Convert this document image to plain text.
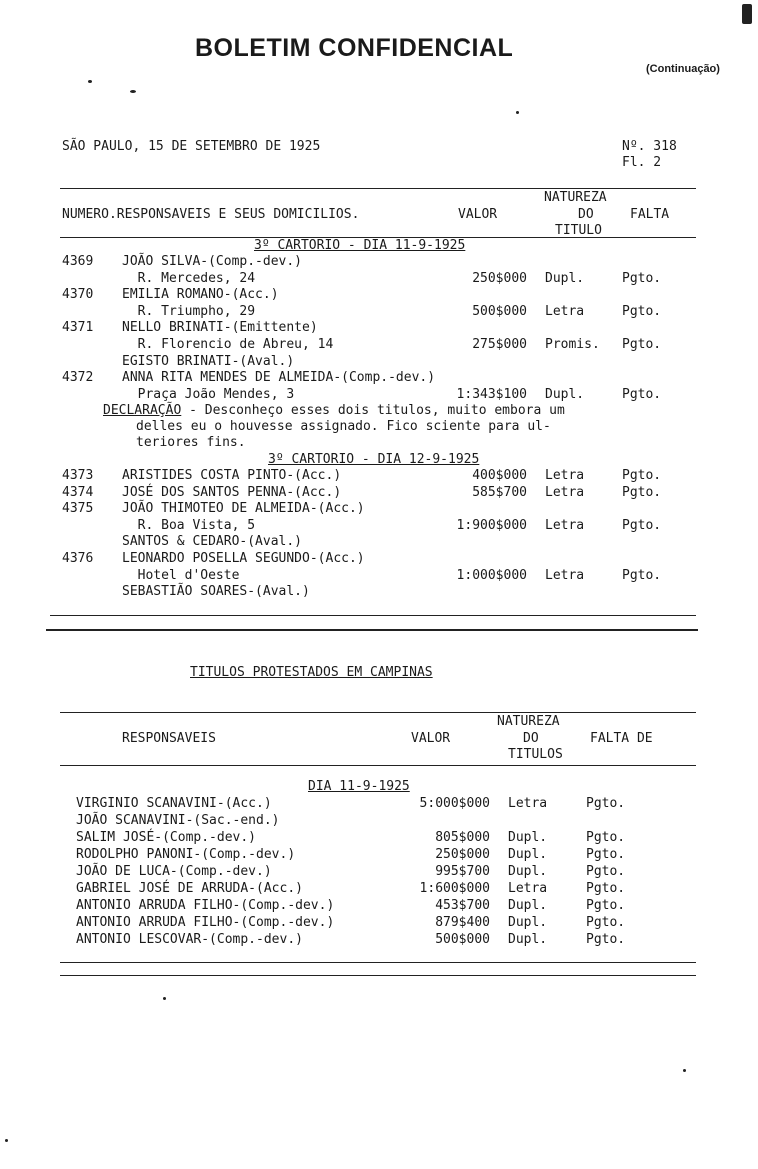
BOLETIM CONFIDENCIAL
(Continuação)
SÃO PAULO, 15 DE SETEMBRO DE 1925	Nº. 318
Fl. 2
NATUREZA
NUMERO.RESPONSAVEIS E SEUS DOMICILIOS.	VALOR	DO	FALTA
TITULO
3º CARTORIO - DIA 11-9-1925
4369 JOÃO SILVA-(Comp.-dev.)
R. Mercedes, 24	250$000 Dupl.	Pgto.
4370 EMILIA ROMANO-(Acc.)
R. Triumpho, 29	500$000 Letra	Pgto.
4371 NELLO BRINATI-(Emittente)
R. Florencio de Abreu, 14	275$000 Promis. Pgto.
EGISTO BRINATI-(Aval.)
4372 ANNA RITA MENDES DE ALMEIDA-(Comp.-dev.)
Praça João Mendes, 3	1:343$100 Dupl.	Pgto.
DECLARAÇÃO - Desconheço esses dois titulos, muito embora um
delles eu o houvesse assignado. Fico sciente para ul-
teriores fins.
3º CARTORIO - DIA 12-9-1925
4373 ARISTIDES COSTA PINTO-(Acc.)	400$000 Letra	Pgto.
4374 JOSÉ DOS SANTOS PENNA-(Acc.)	585$700 Letra	Pgto.
4375 JOÃO THIMOTEO DE ALMEIDA-(Acc.)
R. Boa Vista, 5	1:900$000 Letra	Pgto.
SANTOS & CEDARO-(Aval.)
4376 LEONARDO POSELLA SEGUNDO-(Acc.)
Hotel d'Oeste	1:000$000 Letra	Pgto.
SEBASTIÃO SOARES-(Aval.)
TITULOS PROTESTADOS EM CAMPINAS
NATUREZA
RESPONSAVEIS	VALOR	DO	FALTA DE
TITULOS
DIA 11-9-1925
VIRGINIO SCANAVINI-(Acc.)	5:000$000 Letra	Pgto.
JOÃO SCANAVINI-(Sac.-end.)
SALIM JOSÉ-(Comp.-dev.)	805$000 Dupl.	Pgto.
RODOLPHO PANONI-(Comp.-dev.)	250$000 Dupl.	Pgto.
JOÃO DE LUCA-(Comp.-dev.)	995$700 Dupl.	Pgto.
GABRIEL JOSÉ DE ARRUDA-(Acc.)	1:600$000 Letra	Pgto.
ANTONIO ARRUDA FILHO-(Comp.-dev.)	453$700 Dupl.	Pgto.
ANTONIO ARRUDA FILHO-(Comp.-dev.)	879$400 Dupl.	Pgto.
ANTONIO LESCOVAR-(Comp.-dev.)	500$000 Dupl.	Pgto.
